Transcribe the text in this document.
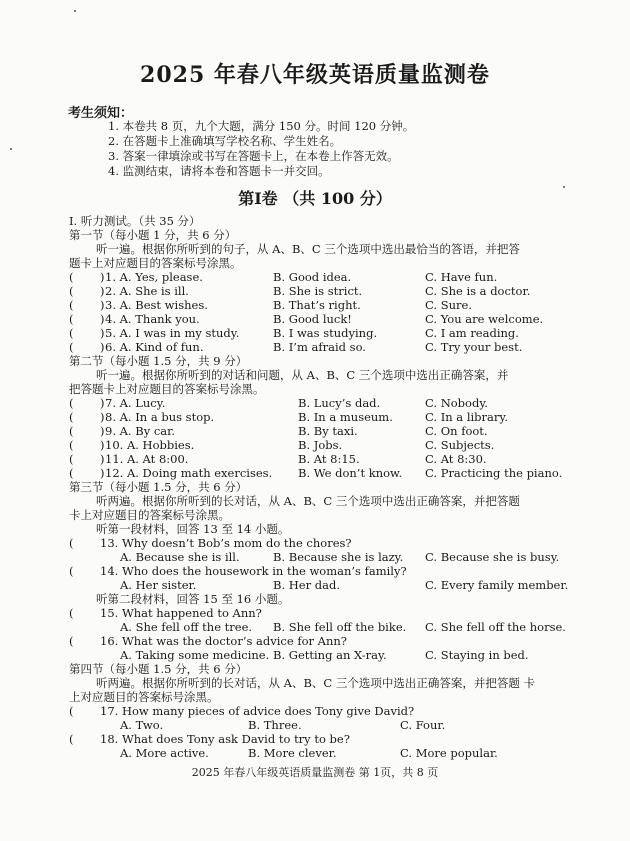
2025 年春八年级英语质量监测卷
考生须知：
1. 本卷共 8 页，九个大题，满分 150 分。时间 120 分钟。
2. 在答题卡上准确填写学校名称、学生姓名。
3. 答案一律填涂或书写在答题卡上，在本卷上作答无效。
4. 监测结束，请将本卷和答题卡一并交回。
第Ⅰ卷 （共 100 分）
I. 听力测试。（共 35 分）
第一节（每小题 1 分，共 6 分）
听一遍。根据你所听到的句子，从 A、B、C 三个选项中选出最恰当的答语，并把答
题卡上对应题目的答案标号涂黑。
( ) 1. A. Yes, please.	B. Good idea.	C. Have fun.
( ) 2. A. She is ill.	B. She is strict.	C. She is a doctor.
( ) 3. A. Best wishes.	B. That’s right.	C. Sure.
( ) 4. A. Thank you.	B. Good luck!	C. You are welcome.
( ) 5. A. I was in my study.	B. I was studying.	C. I am reading.
( ) 6. A. Kind of fun.	B. I’m afraid so.	C. Try your best.
第二节（每小题 1.5 分，共 9 分）
听一遍。根据你所听到的对话和问题，从 A、B、C 三个选项中选出正确答案，并
把答题卡上对应题目的答案标号涂黑。
( ) 7. A. Lucy.	B. Lucy’s dad.	C. Nobody.
( ) 8. A. In a bus stop.	B. In a museum.	C. In a library.
( ) 9. A. By car.	B. By taxi.	C. On foot.
( ) 10. A. Hobbies.	B. Jobs.	C. Subjects.
( ) 11. A. At 8:00.	B. At 8:15.	C. At 8:30.
( ) 12. A. Doing math exercises. B. We don’t know. C. Practicing the piano.
第三节（每小题 1.5 分，共 6 分）
听两遍。根据你所听到的长对话，从 A、B、C 三个选项中选出正确答案，并把答题
卡上对应题目的答案标号涂黑。
听第一段材料，回答 13 至 14 小题。
( 13. Why doesn’t Bob’s mom do the chores?
A. Because she is ill.	B. Because she is lazy. C. Because she is busy.
( 14. Who does the housework in the woman’s family?
A. Her sister.	B. Her dad.	C. Every family member.
听第二段材料，回答 15 至 16 小题。
( 15. What happened to Ann?
A. She fell off the tree. B. She fell off the bike. C. She fell off the horse.
( 16. What was the doctor’s advice for Ann?
A. Taking some medicine. B. Getting an X-ray.	C. Staying in bed.
第四节（每小题 1.5 分，共 6 分）
听两遍。根据你所听到的长对话，从 A、B、C 三个选项中选出正确答案，并把答题 卡
上对应题目的答案标号涂黑。
( 17. How many pieces of advice does Tony give David?
A. Two.	B. Three.	C. Four.
( 18. What does Tony ask David to try to be?
A. More active.	B. More clever.	C. More popular.
2025 年春八年级英语质量监测卷 第 1页，共 8 页
